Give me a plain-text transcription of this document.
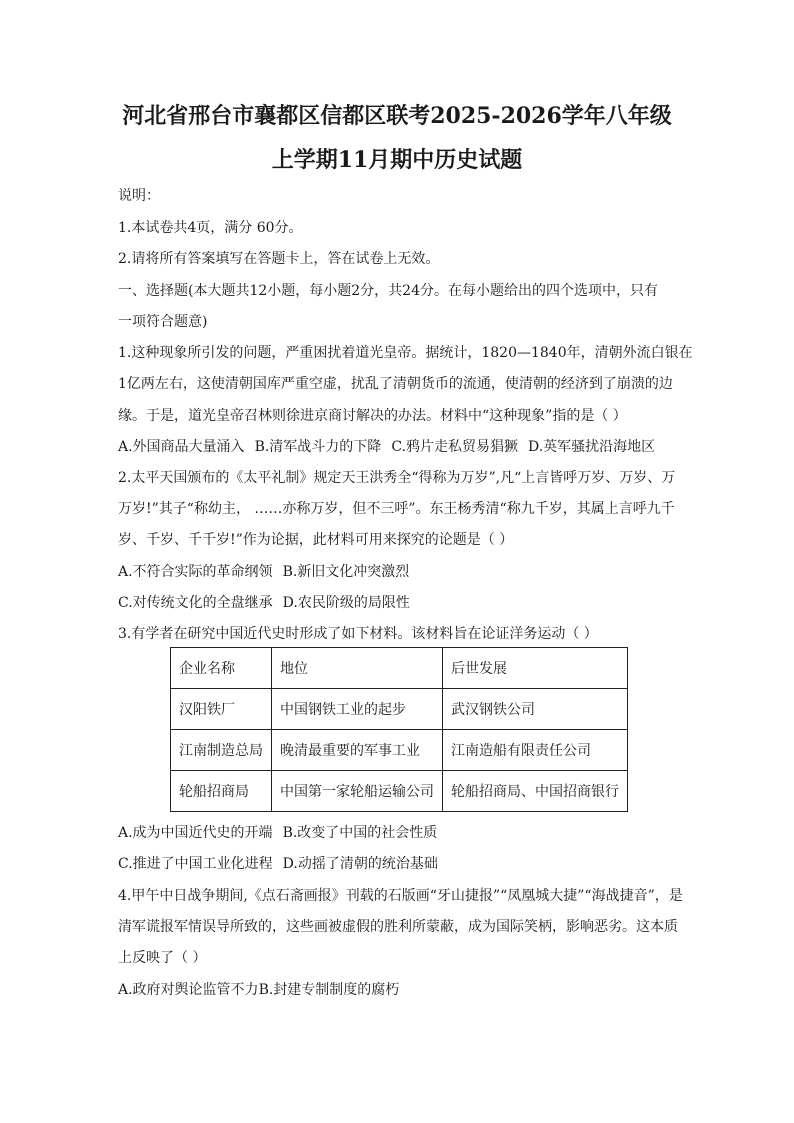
河北省邢台市襄都区信都区联考2025-2026学年八年级
上学期11月期中历史试题
说明：
1.本试卷共4页，满分 60分。
2.请将所有答案填写在答题卡上，答在试卷上无效。
一、选择题(本大题共12小题，每小题2分，共24分。在每小题给出的四个选项中，只有
一项符合题意)
1.这种现象所引发的问题，严重困扰着道光皇帝。据统计，1820—1840年，清朝外流白银在
1亿两左右，这使清朝国库严重空虚，扰乱了清朝货币的流通，使清朝的经济到了崩溃的边
缘。于是，道光皇帝召林则徐进京商讨解决的办法。材料中“这种现象”指的是（ ）
A.外国商品大量涌入 B.清军战斗力的下降 C.鸦片走私贸易猖獗 D.英军骚扰沿海地区
2.太平天国颁布的《太平礼制》规定天王洪秀全“得称为万岁”,凡“上言皆呼万岁、万岁、万
万岁!”其子“称幼主， ……亦称万岁，但不三呼”。东王杨秀清“称九千岁，其属上言呼九千
岁、千岁、千千岁!”作为论据，此材料可用来探究的论题是（ ）
A.不符合实际的革命纲领 B.新旧文化冲突激烈
C.对传统文化的全盘继承 D.农民阶级的局限性
3.有学者在研究中国近代史时形成了如下材料。该材料旨在论证洋务运动（ ）
企业名称	地位	后世发展
汉阳铁厂	中国钢铁工业的起步	武汉钢铁公司
江南制造总局	晚清最重要的军事工业	江南造船有限责任公司
轮船招商局	中国第一家轮船运输公司	轮船招商局、中国招商银行
A.成为中国近代史的开端 B.改变了中国的社会性质
C.推进了中国工业化进程 D.动摇了清朝的统治基础
4.甲午中日战争期间,《点石斋画报》刊载的石版画“牙山捷报”“凤凰城大捷”“海战捷音”，是
清军谎报军情误导所致的，这些画被虚假的胜利所蒙蔽，成为国际笑柄，影响恶劣。这本质
上反映了（ ）
A.政府对舆论监管不力B.封建专制制度的腐朽
